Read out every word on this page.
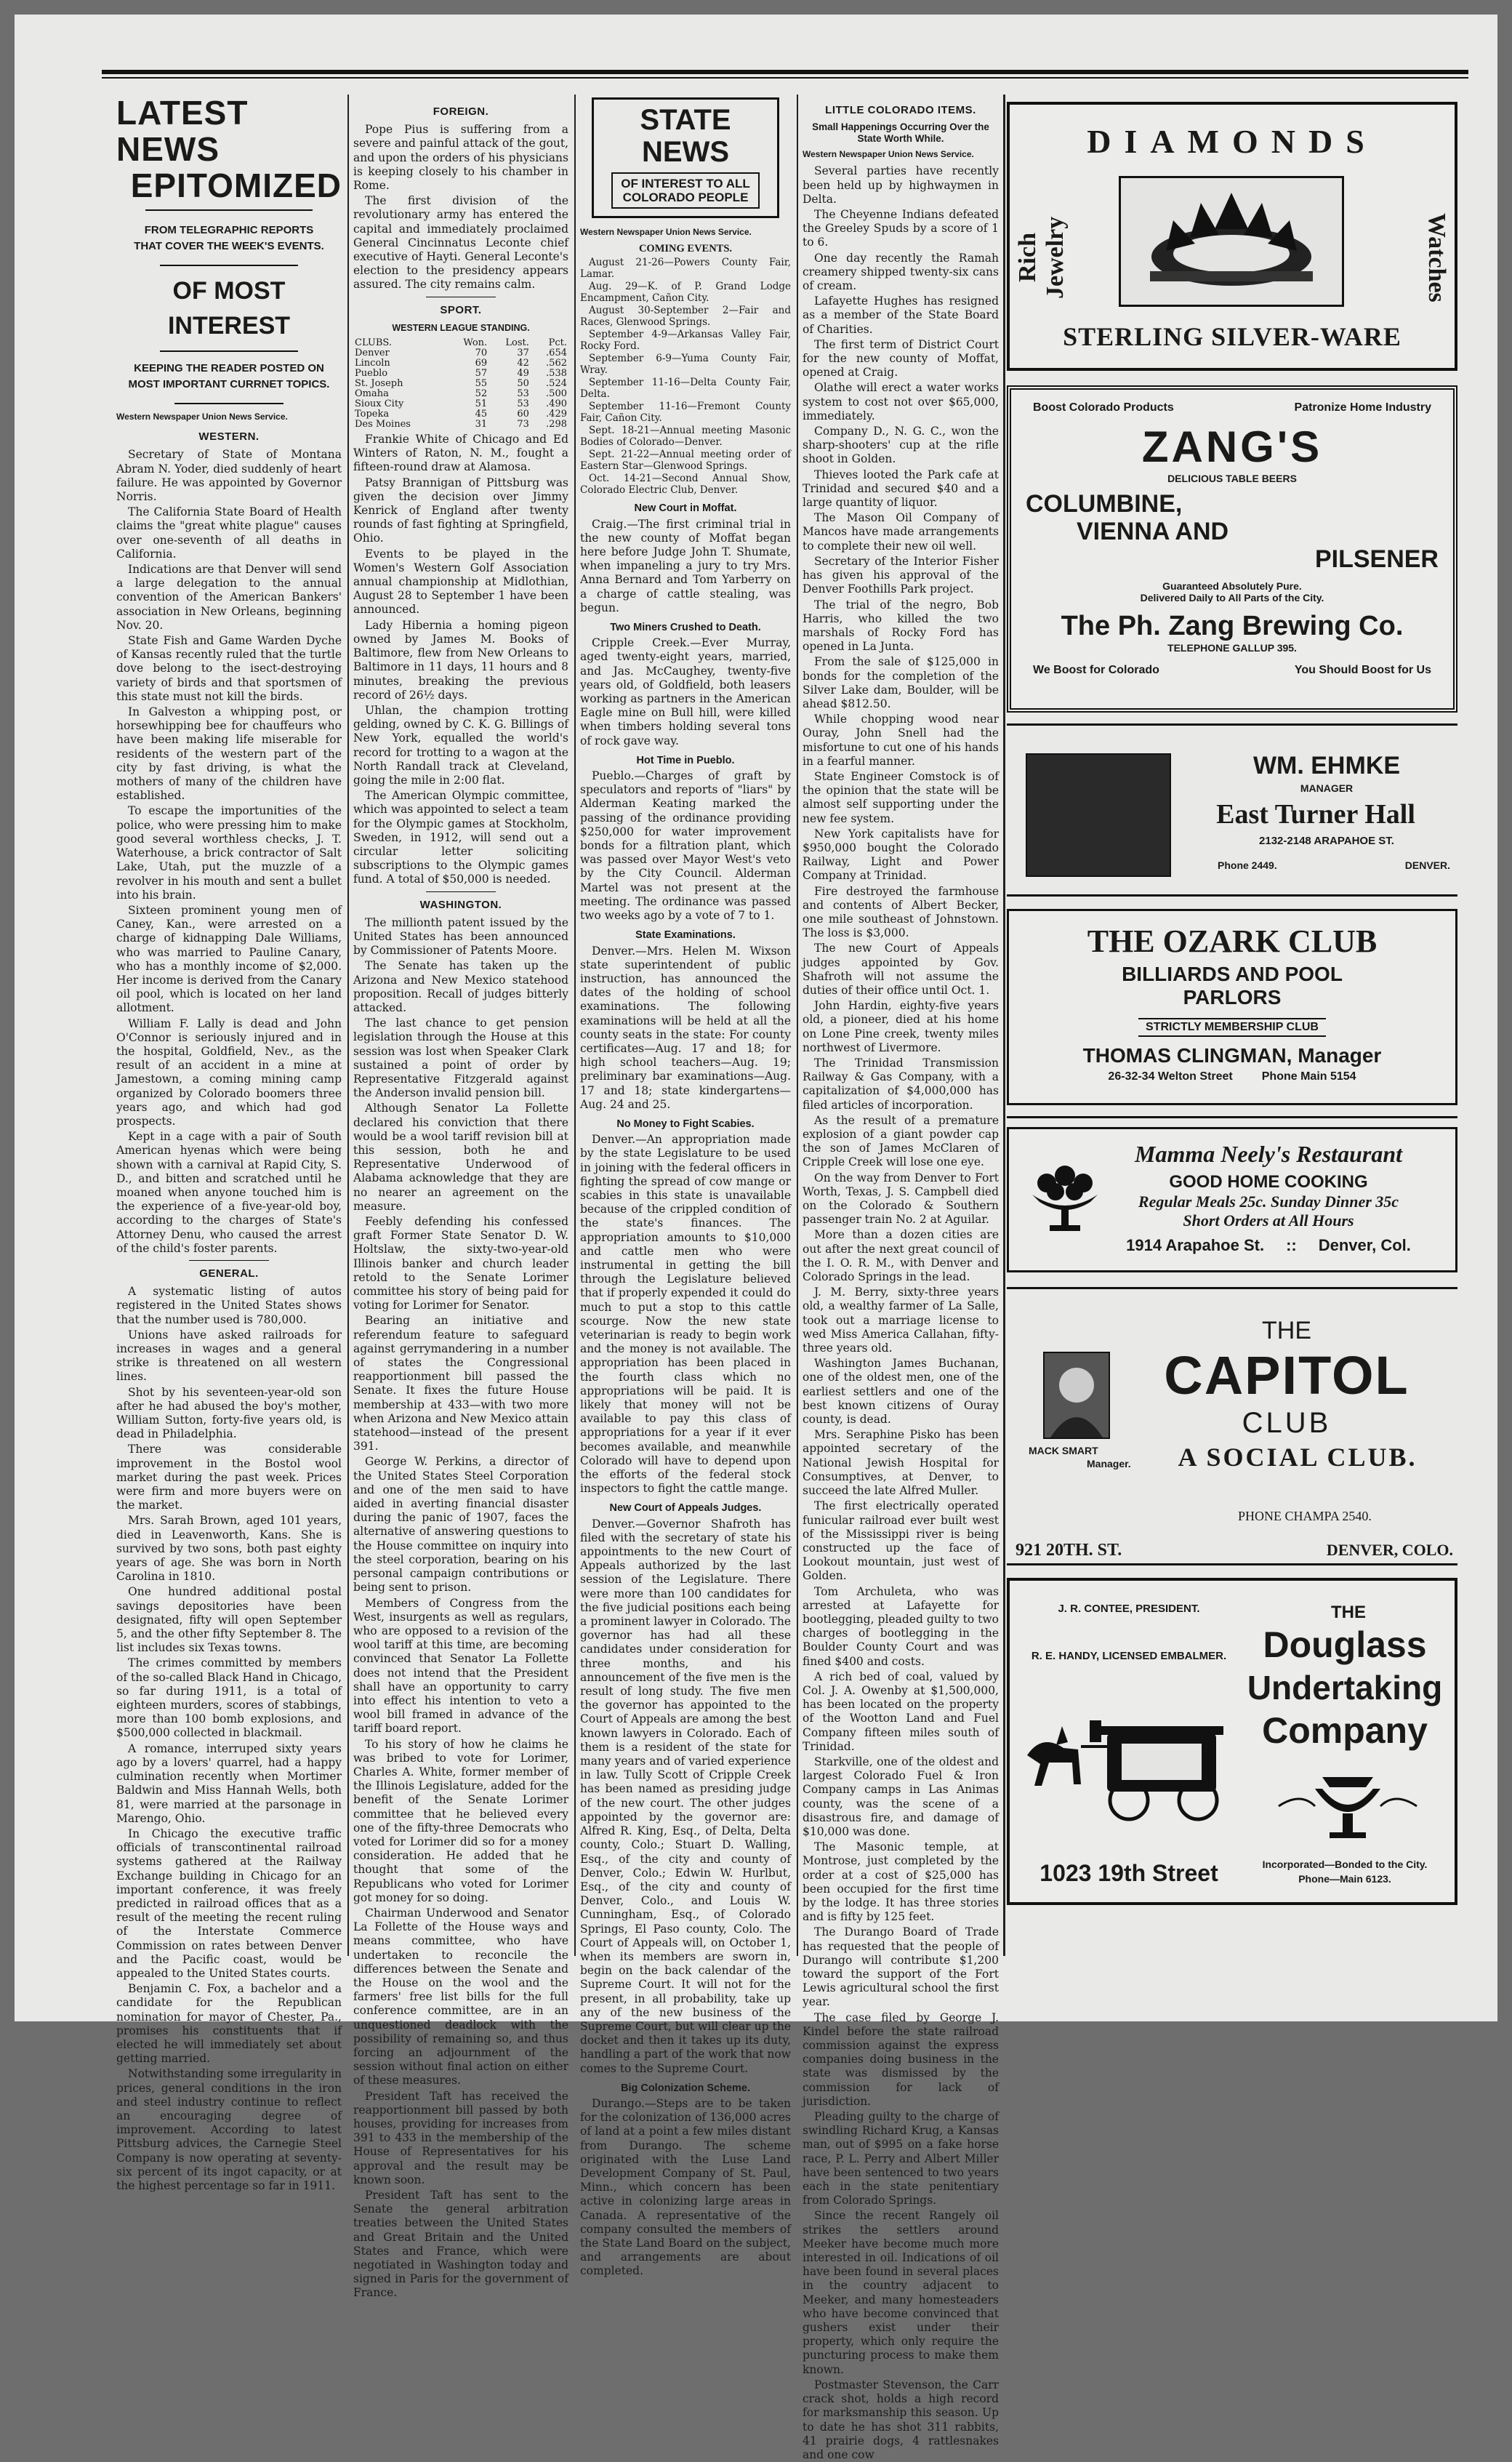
LATEST NEWS
EPITOMIZED
FROM TELEGRAPHIC REPORTS THAT COVER THE WEEK'S EVENTS.
OF MOST INTEREST
KEEPING THE READER POSTED ON MOST IMPORTANT CURRNET TOPICS.
Western Newspaper Union News Service.
WESTERN.

Secretary of State of Montana Abram N. Yoder, died suddenly of heart failure. He was appointed by Governor Norris.

The California State Board of Health claims the "great white plague" causes over one-seventh of all deaths in California.

Indications are that Denver will send a large delegation to the annual convention of the American Bankers' association in New Orleans, beginning Nov. 20.

State Fish and Game Warden Dyche of Kansas recently ruled that the turtle dove belong to the isect-destroying variety of birds and that sportsmen of this state must not kill the birds.

In Galveston a whipping post, or horsewhipping bee for chauffeurs who have been making life miserable for residents of the western part of the city by fast driving, is what the mothers of many of the children have established.

To escape the importunities of the police, who were pressing him to make good several worthless checks, J. T. Waterhouse, a brick contractor of Salt Lake, Utah, put the muzzle of a revolver in his mouth and sent a bullet into his brain.

Sixteen prominent young men of Caney, Kan., were arrested on a charge of kidnapping Dale Williams, who was married to Pauline Canary, who has a monthly income of $2,000. Her income is derived from the Canary oil pool, which is located on her land allotment.

William F. Lally is dead and John O'Connor is seriously injured and in the hospital, Goldfield, Nev., as the result of an accident in a mine at Jamestown, a coming mining camp organized by Colorado boomers three years ago, and which had god prospects.

Kept in a cage with a pair of South American hyenas which were being shown with a carnival at Rapid City, S. D., and bitten and scratched until he moaned when anyone touched him is the experience of a five-year-old boy, according to the charges of State's Attorney Denu, who caused the arrest of the child's foster parents.

GENERAL.

A systematic listing of autos registered in the United States shows that the number used is 780,000.

Unions have asked railroads for increases in wages and a general strike is threatened on all western lines.

Shot by his seventeen-year-old son after he had abused the boy's mother, William Sutton, forty-five years old, is dead in Philadelphia.

There was considerable improvement in the Bostol wool market during the past week. Prices were firm and more buyers were on the market.

Mrs. Sarah Brown, aged 101 years, died in Leavenworth, Kans. She is survived by two sons, both past eighty years of age. She was born in North Carolina in 1810.

One hundred additional postal savings depositories have been designated, fifty will open September 5, and the other fifty September 8. The list includes six Texas towns.

The crimes committed by members of the so-called Black Hand in Chicago, so far during 1911, is a total of eighteen murders, scores of stabbings, more than 100 bomb explosions, and $500,000 collected in blackmail.

A romance, interruped sixty years ago by a lovers' quarrel, had a happy culmination recently when Mortimer Baldwin and Miss Hannah Wells, both 81, were married at the parsonage in Marengo, Ohio.

In Chicago the executive traffic officials of transcontinental railroad systems gathered at the Railway Exchange building in Chicago for an important conference, it was freely predicted in railroad offices that as a result of the meeting the recent ruling of the Interstate Commerce Commission on rates between Denver and the Pacific coast, would be appealed to the United States courts.

Benjamin C. Fox, a bachelor and a candidate for the Republican nomination for mayor of Chester, Pa., promises his constituents that if elected he will immediately set about getting married.

Notwithstanding some irregularity in prices, general conditions in the iron and steel industry continue to reflect an encouraging degree of improvement. According to latest Pittsburg advices, the Carnegie Steel Company is now operating at seventy-six percent of its ingot capacity, or at the highest percentage so far in 1911.

FOREIGN.

Pope Pius is suffering from a severe and painful attack of the gout, and upon the orders of his physicians is keeping closely to his chamber in Rome.

The first division of the revolutionary army has entered the capital and immediately proclaimed General Cincinnatus Leconte chief executive of Hayti. General Leconte's election to the presidency appears assured. The city remains calm.

SPORT.
WESTERN LEAGUE STANDING.
CLUBS.	Won.	Lost.	Pct.
Denver	70	37	.654
Lincoln	69	42	.562
Pueblo	57	49	.538
St. Joseph	55	50	.524
Omaha	52	53	.500
Sioux City	51	53	.490
Topeka	45	60	.429
Des Moines	31	73	.298

Frankie White of Chicago and Ed Winters of Raton, N. M., fought a fifteen-round draw at Alamosa.

Patsy Brannigan of Pittsburg was given the decision over Jimmy Kenrick of England after twenty rounds of fast fighting at Springfield, Ohio.

Events to be played in the Women's Western Golf Association annual championship at Midlothian, August 28 to September 1 have been announced.

Lady Hibernia a homing pigeon owned by James M. Books of Baltimore, flew from New Orleans to Baltimore in 11 days, 11 hours and 8 minutes, breaking the previous record of 26½ days.

Uhlan, the champion trotting gelding, owned by C. K. G. Billings of New York, equalled the world's record for trotting to a wagon at the North Randall track at Cleveland, going the mile in 2:00 flat.

The American Olympic committee, which was appointed to select a team for the Olympic games at Stockholm, Sweden, in 1912, will send out a circular letter soliciting subscriptions to the Olympic games fund. A total of $50,000 is needed.

WASHINGTON.

The millionth patent issued by the United States has been announced by Commissioner of Patents Moore.

The Senate has taken up the Arizona and New Mexico statehood proposition. Recall of judges bitterly attacked.

The last chance to get pension legislation through the House at this session was lost when Speaker Clark sustained a point of order by Representative Fitzgerald against the Anderson invalid pension bill.

Although Senator La Follette declared his conviction that there would be a wool tariff revision bill at this session, both he and Representative Underwood of Alabama acknowledge that they are no nearer an agreement on the measure.

Feebly defending his confessed graft Former State Senator D. W. Holtslaw, the sixty-two-year-old Illinois banker and church leader retold to the Senate Lorimer committee his story of being paid for voting for Lorimer for Senator.

Bearing an initiative and referendum feature to safeguard against gerrymandering in a number of states the Congressional reapportionment bill passed the Senate. It fixes the future House membership at 433—with two more when Arizona and New Mexico attain statehood—instead of the present 391.

George W. Perkins, a director of the United States Steel Corporation and one of the men said to have aided in averting financial disaster during the panic of 1907, faces the alternative of answering questions to the House committee on inquiry into the steel corporation, bearing on his personal campaign contributions or being sent to prison.

Members of Congress from the West, insurgents as well as regulars, who are opposed to a revision of the wool tariff at this time, are becoming convinced that Senator La Follette does not intend that the President shall have an opportunity to carry into effect his intention to veto a wool bill framed in advance of the tariff board report.

To his story of how he claims he was bribed to vote for Lorimer, Charles A. White, former member of the Illinois Legislature, added for the benefit of the Senate Lorimer committee that he believed every one of the fifty-three Democrats who voted for Lorimer did so for a money consideration. He added that he thought that some of the Republicans who voted for Lorimer got money for so doing.

Chairman Underwood and Senator La Follette of the House ways and means committee, who have undertaken to reconcile the differences between the Senate and the House on the wool and the farmers' free list bills for the full conference committee, are in an unquestioned deadlock with the possibility of remaining so, and thus forcing an adjournment of the session without final action on either of these measures.

President Taft has received the reapportionment bill passed by both houses, providing for increases from 391 to 433 in the membership of the House of Representatives for his approval and the result may be known soon.

President Taft has sent to the Senate the general arbitration treaties between the United States and Great Britain and the United States and France, which were negotiated in Washington today and signed in Paris for the government of France.

STATE NEWS
OF INTEREST TO ALL COLORADO PEOPLE
Western Newspaper Union News Service.
COMING EVENTS.

August 21-26—Powers County Fair, Lamar.

Aug. 29—K. of P. Grand Lodge Encampment, Cañon City.

August 30-September 2—Fair and Races, Glenwood Springs.

September 4-9—Arkansas Valley Fair, Rocky Ford.

September 6-9—Yuma County Fair, Wray.

September 11-16—Delta County Fair, Delta.

September 11-16—Fremont County Fair, Cañon City.

Sept. 18-21—Annual meeting Masonic Bodies of Colorado—Denver.

Sept. 21-22—Annual meeting order of Eastern Star—Glenwood Springs.

Oct. 14-21—Second Annual Show, Colorado Electric Club, Denver.

New Court in Moffat.

Craig.—The first criminal trial in the new county of Moffat began here before Judge John T. Shumate, when impaneling a jury to try Mrs. Anna Bernard and Tom Yarberry on a charge of cattle stealing, was begun.

Two Miners Crushed to Death.

Cripple Creek.—Ever Murray, aged twenty-eight years, married, and Jas. McCaughey, twenty-five years old, of Goldfield, both leasers working as partners in the American Eagle mine on Bull hill, were killed when timbers holding several tons of rock gave way.

Hot Time in Pueblo.

Pueblo.—Charges of graft by speculators and reports of "liars" by Alderman Keating marked the passing of the ordinance providing $250,000 for water improvement bonds for a filtration plant, which was passed over Mayor West's veto by the City Council. Alderman Martel was not present at the meeting. The ordinance was passed two weeks ago by a vote of 7 to 1.

State Examinations.

Denver.—Mrs. Helen M. Wixson state superintendent of public instruction, has announced the dates of the holding of school examinations. The following examinations will be held at all the county seats in the state: For county certificates—Aug. 17 and 18; for high school teachers—Aug. 19; preliminary bar examinations—Aug. 17 and 18; state kindergartens—Aug. 24 and 25.

No Money to Fight Scabies.

Denver.—An appropriation made by the state Legislature to be used in joining with the federal officers in fighting the spread of cow mange or scabies in this state is unavailable because of the crippled condition of the state's finances. The appropriation amounts to $10,000 and cattle men who were instrumental in getting the bill through the Legislature believed that if properly expended it could do much to put a stop to this cattle scourge. Now the new state veterinarian is ready to begin work and the money is not available. The appropriation has been placed in the fourth class which no appropriations will be paid. It is likely that money will not be available to pay this class of appropriations for a year if it ever becomes available, and meanwhile Colorado will have to depend upon the efforts of the federal stock inspectors to fight the cattle mange.

New Court of Appeals Judges.

Denver.—Governor Shafroth has filed with the secretary of state his appointments to the new Court of Appeals authorized by the last session of the Legislature. There were more than 100 candidates for the five judicial positions each being a prominent lawyer in Colorado. The governor has had all these candidates under consideration for three months, and his announcement of the five men is the result of long study. The five men the governor has appointed to the Court of Appeals are among the best known lawyers in Colorado. Each of them is a resident of the state for many years and of varied experience in law. Tully Scott of Cripple Creek has been named as presiding judge of the new court. The other judges appointed by the governor are: Alfred R. King, Esq., of Delta, Delta county, Colo.; Stuart D. Walling, Esq., of the city and county of Denver, Colo.; Edwin W. Hurlbut, Esq., of the city and county of Denver, Colo., and Louis W. Cunningham, Esq., of Colorado Springs, El Paso county, Colo. The Court of Appeals will, on October 1, when its members are sworn in, begin on the back calendar of the Supreme Court. It will not for the present, in all probability, take up any of the new business of the Supreme Court, but will clear up the docket and then it takes up its duty, handling a part of the work that now comes to the Supreme Court.

Big Colonization Scheme.

Durango.—Steps are to be taken for the colonization of 136,000 acres of land at a point a few miles distant from Durango. The scheme originated with the Luse Land Development Company of St. Paul, Minn., which concern has been active in colonizing large areas in Canada. A representative of the company consulted the members of the State Land Board on the subject, and arrangements are about completed.

LITTLE COLORADO ITEMS.
Small Happenings Occurring Over the State Worth While.
Western Newspaper Union News Service.

Several parties have recently been held up by highwaymen in Delta.

The Cheyenne Indians defeated the Greeley Spuds by a score of 1 to 6.

One day recently the Ramah creamery shipped twenty-six cans of cream.

Lafayette Hughes has resigned as a member of the State Board of Charities.

The first term of District Court for the new county of Moffat, opened at Craig.

Olathe will erect a water works system to cost not over $65,000, immediately.

Company D., N. G. C., won the sharp-shooters' cup at the rifle shoot in Golden.

Thieves looted the Park cafe at Trinidad and secured $40 and a large quantity of liquor.

The Mason Oil Company of Mancos have made arrangements to complete their new oil well.

Secretary of the Interior Fisher has given his approval of the Denver Foothills Park project.

The trial of the negro, Bob Harris, who killed the two marshals of Rocky Ford has opened in La Junta.

From the sale of $125,000 in bonds for the completion of the Silver Lake dam, Boulder, will be ahead $812.50.

While chopping wood near Ouray, John Snell had the misfortune to cut one of his hands in a fearful manner.

State Engineer Comstock is of the opinion that the state will be almost self supporting under the new fee system.

New York capitalists have for $950,000 bought the Colorado Railway, Light and Power Company at Trinidad.

Fire destroyed the farmhouse and contents of Albert Becker, one mile southeast of Johnstown. The loss is $3,000.

The new Court of Appeals judges appointed by Gov. Shafroth will not assume the duties of their office until Oct. 1.

John Hardin, eighty-five years old, a pioneer, died at his home on Lone Pine creek, twenty miles northwest of Livermore.

The Trinidad Transmission Railway & Gas Company, with a capitalization of $4,000,000 has filed articles of incorporation.

As the result of a premature explosion of a giant powder cap the son of James McClaren of Cripple Creek will lose one eye.

On the way from Denver to Fort Worth, Texas, J. S. Campbell died on the Colorado & Southern passenger train No. 2 at Aguilar.

More than a dozen cities are out after the next great council of the I. O. R. M., with Denver and Colorado Springs in the lead.

J. M. Berry, sixty-three years old, a wealthy farmer of La Salle, took out a marriage license to wed Miss America Callahan, fifty-three years old.

Washington James Buchanan, one of the oldest men, one of the earliest settlers and one of the best known citizens of Ouray county, is dead.

Mrs. Seraphine Pisko has been appointed secretary of the National Jewish Hospital for Consumptives, at Denver, to succeed the late Alfred Muller.

The first electrically operated funicular railroad ever built west of the Mississippi river is being constructed up the face of Lookout mountain, just west of Golden.

Tom Archuleta, who was arrested at Lafayette for bootlegging, pleaded guilty to two charges of bootlegging in the Boulder County Court and was fined $400 and costs.

A rich bed of coal, valued by Col. J. A. Owenby at $1,500,000, has been located on the property of the Wootton Land and Fuel Company fifteen miles south of Trinidad.

Starkville, one of the oldest and largest Colorado Fuel & Iron Company camps in Las Animas county, was the scene of a disastrous fire, and damage of $10,000 was done.

The Masonic temple, at Montrose, just completed by the order at a cost of $25,000 has been occupied for the first time by the lodge. It has three stories and is fifty by 125 feet.

The Durango Board of Trade has requested that the people of Durango will contribute $1,200 toward the support of the Fort Lewis agricultural school the first year.

The case filed by George J. Kindel before the state railroad commission against the express companies doing business in the state was dismissed by the commission for lack of jurisdiction.

Pleading guilty to the charge of swindling Richard Krug, a Kansas man, out of $995 on a fake horse race, P. L. Perry and Albert Miller have been sentenced to two years each in the state penitentiary from Colorado Springs.

Since the recent Rangely oil strikes the settlers around Meeker have become much more interested in oil. Indications of oil have been found in several places in the country adjacent to Meeker, and many homesteaders who have become convinced that gushers exist under their property, which only require the puncturing process to make them known.

Postmaster Stevenson, the Carr crack shot, holds a high record for marksmanship this season. Up to date he has shot 311 rabbits, 41 prairie dogs, 4 rattlesnakes and one cow

DIAMONDS
Rich Jewelry	Watches
STERLING SILVER-WARE
Boost Colorado Products	Patronize Home Industry
ZANG'S
DELICIOUS TABLE BEERS
COLUMBINE,
VIENNA AND
PILSENER
Guaranteed Absolutely Pure.
Delivered Daily to All Parts of the City.
The Ph. Zang Brewing Co.
TELEPHONE GALLUP 395.
We Boost for Colorado	You Should Boost for Us
WM. EHMKE
MANAGER
East Turner Hall
2132-2148 ARAPAHOE ST.
Phone 2449.	DENVER.
THE OZARK CLUB
BILLIARDS AND POOL
PARLORS
STRICTLY MEMBERSHIP CLUB
THOMAS CLINGMAN, Manager
26-32-34 Welton Street	Phone Main 5154
Mamma Neely's Restaurant
GOOD HOME COOKING
Regular Meals 25c. Sunday Dinner 35c
Short Orders at All Hours
1914 Arapahoe St. :: Denver, Col.
THE
CAPITOL
CLUB
A SOCIAL CLUB.
MACK SMART
Manager.
PHONE CHAMPA 2540.
921 20TH. ST.	DENVER, COLO.
J. R. CONTEE, PRESIDENT.
R. E. HANDY, LICENSED EMBALMER.
1023 19th Street
THE
Douglass
Undertaking
Company
Incorporated—Bonded to the City.
Phone—Main 6123.
